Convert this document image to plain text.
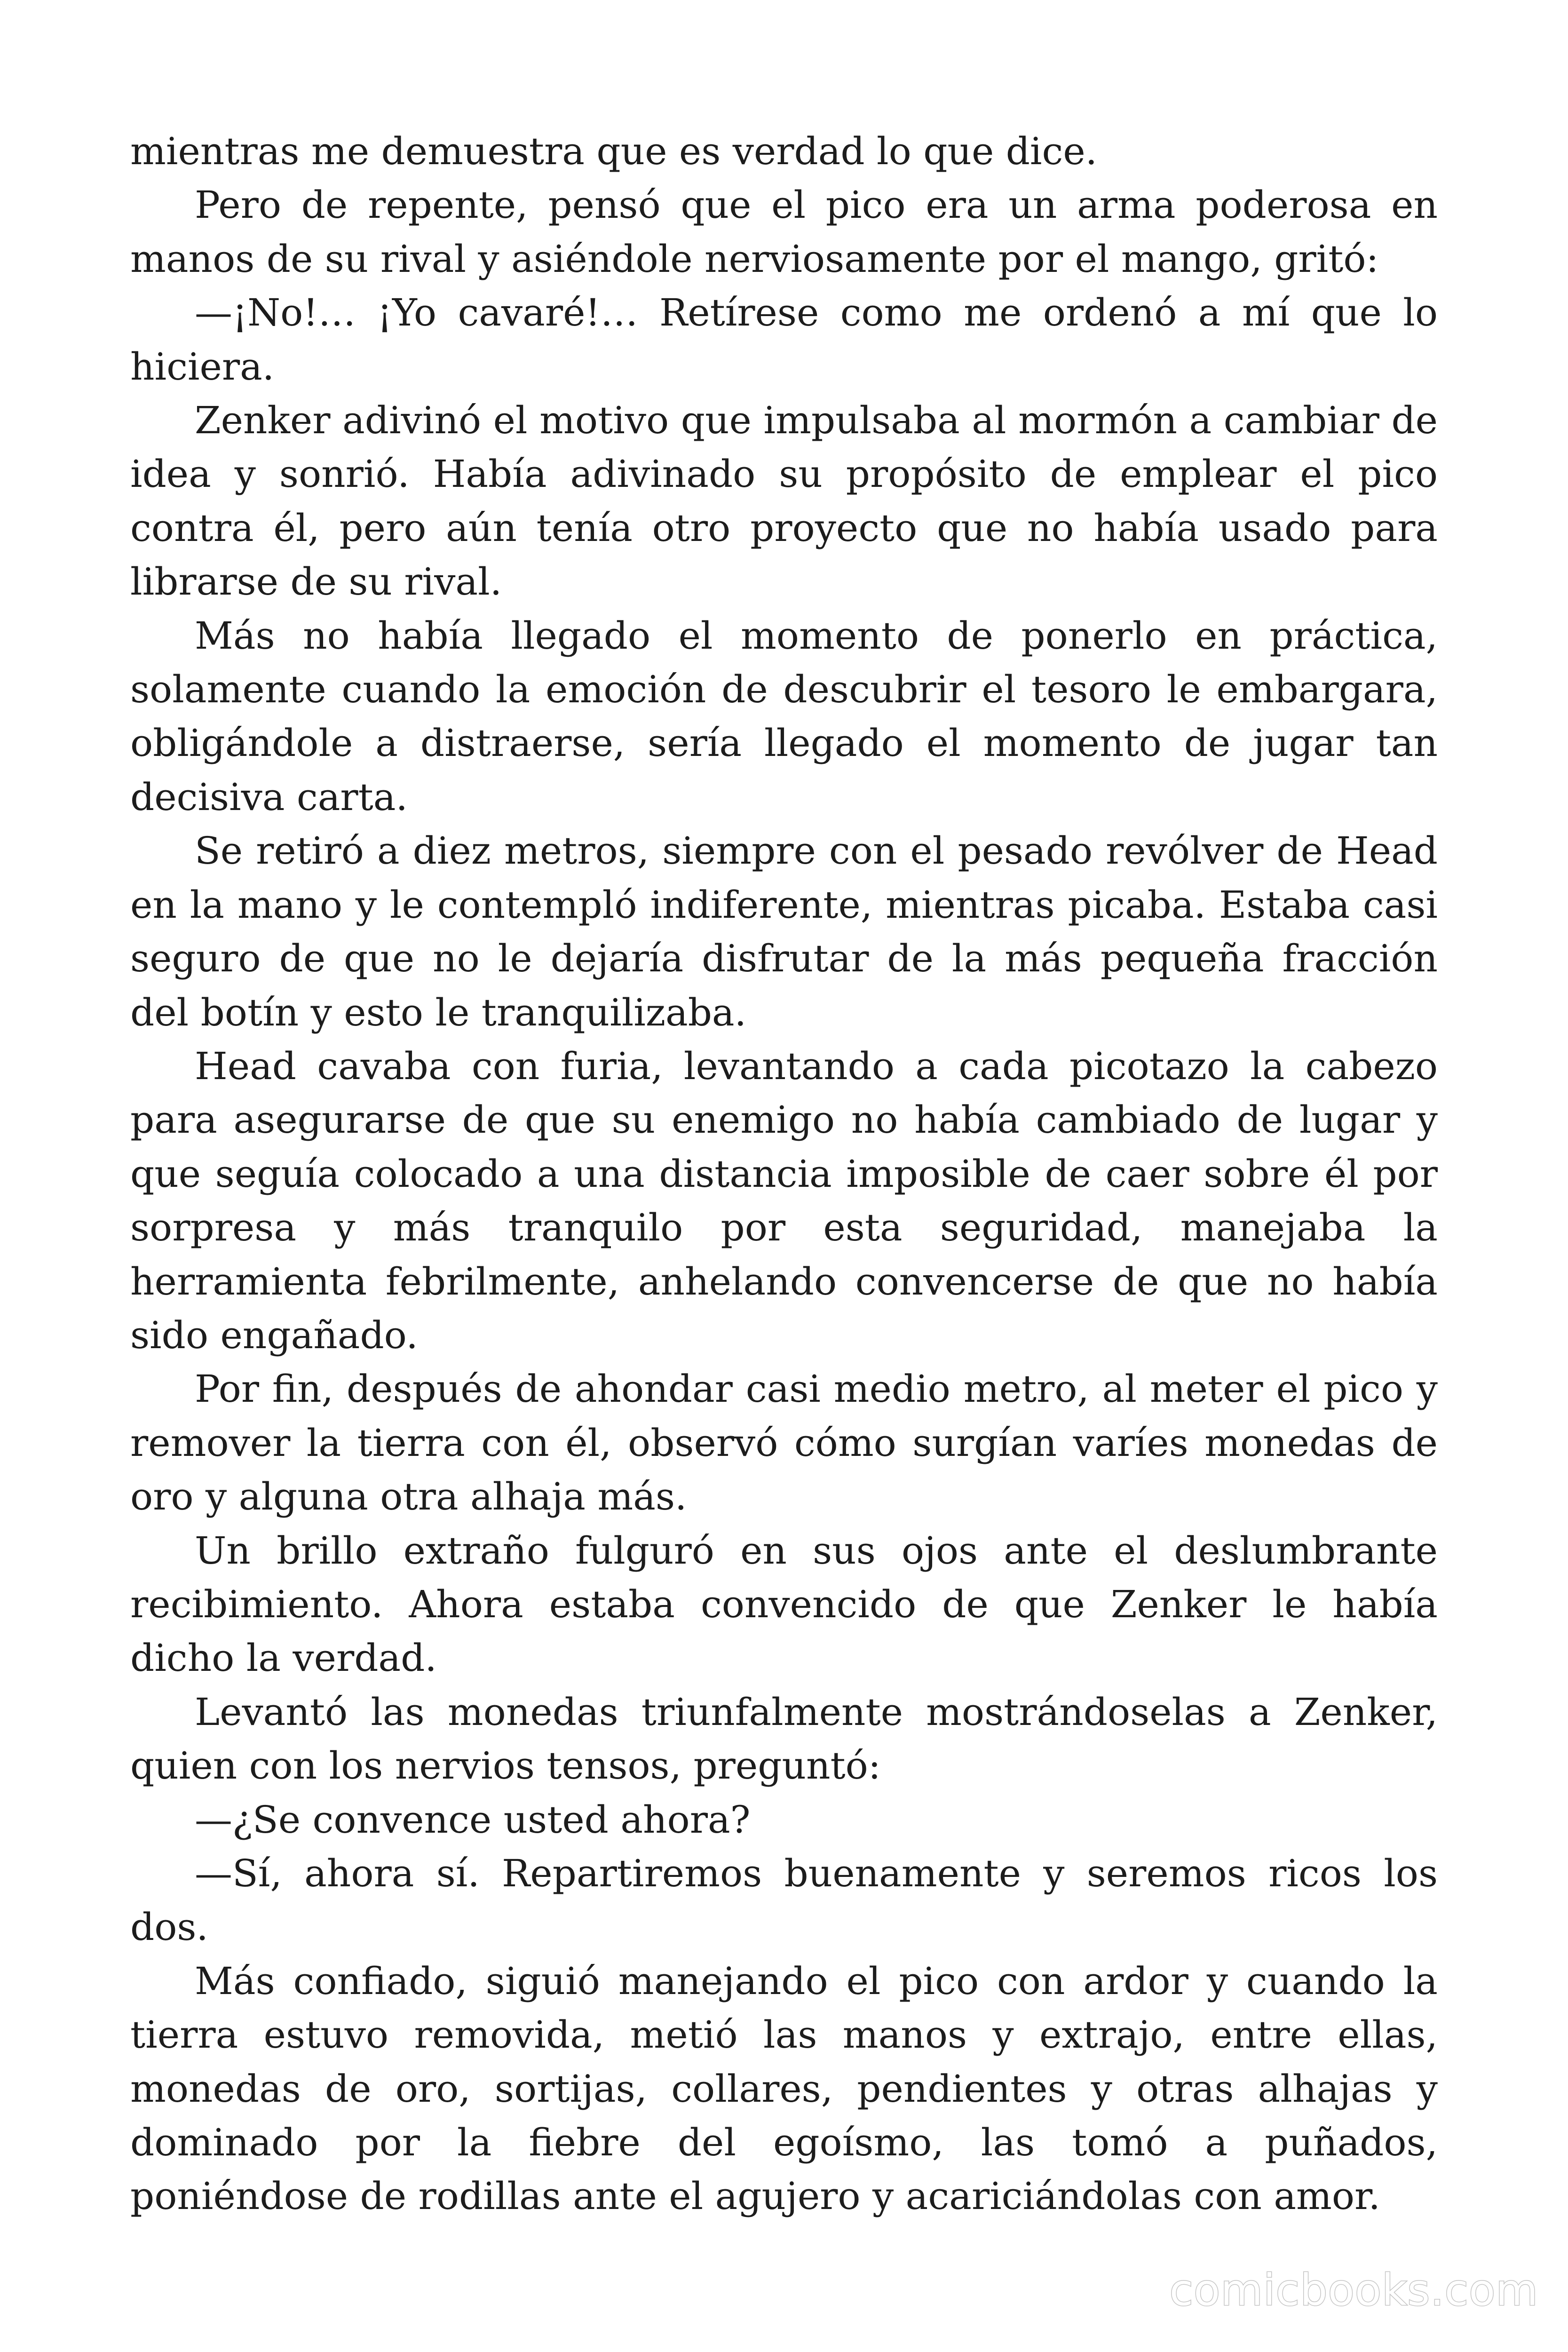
mientras me demuestra que es verdad lo que dice.

Pero de repente, pensó que el pico era un arma poderosa en manos de su rival y asiéndole nerviosamente por el mango, gritó:

—¡No!… ¡Yo cavaré!… Retírese como me ordenó a mí que lo hiciera.

Zenker adivinó el motivo que impulsaba al mormón a cambiar de idea y sonrió. Había adivinado su propósito de emplear el pico contra él, pero aún tenía otro proyecto que no había usado para librarse de su rival.

Más no había llegado el momento de ponerlo en práctica, solamente cuando la emoción de descubrir el tesoro le embargara, obligándole a distraerse, sería llegado el momento de jugar tan decisiva carta.

Se retiró a diez metros, siempre con el pesado revólver de Head en la mano y le contempló indiferente, mientras picaba. Estaba casi seguro de que no le dejaría disfrutar de la más pequeña fracción del botín y esto le tranquilizaba.

Head cavaba con furia, levantando a cada picotazo la cabezo para asegurarse de que su enemigo no había cambiado de lugar y que seguía colocado a una distancia imposible de caer sobre él por sorpresa y más tranquilo por esta seguridad, manejaba la herramienta febrilmente, anhelando convencerse de que no había sido engañado.

Por fin, después de ahondar casi medio metro, al meter el pico y remover la tierra con él, observó cómo surgían varíes monedas de oro y alguna otra alhaja más.

Un brillo extraño fulguró en sus ojos ante el deslumbrante recibimiento. Ahora estaba convencido de que Zenker le había dicho la verdad.

Levantó las monedas triunfalmente mostrándoselas a Zenker, quien con los nervios tensos, preguntó:

—¿Se convence usted ahora?

—Sí, ahora sí. Repartiremos buenamente y seremos ricos los dos.

Más confiado, siguió manejando el pico con ardor y cuando la tierra estuvo removida, metió las manos y extrajo, entre ellas, monedas de oro, sortijas, collares, pendientes y otras alhajas y dominado por la fiebre del egoísmo, las tomó a puñados, poniéndose de rodillas ante el agujero y acariciándolas con amor.

comicbooks.com
